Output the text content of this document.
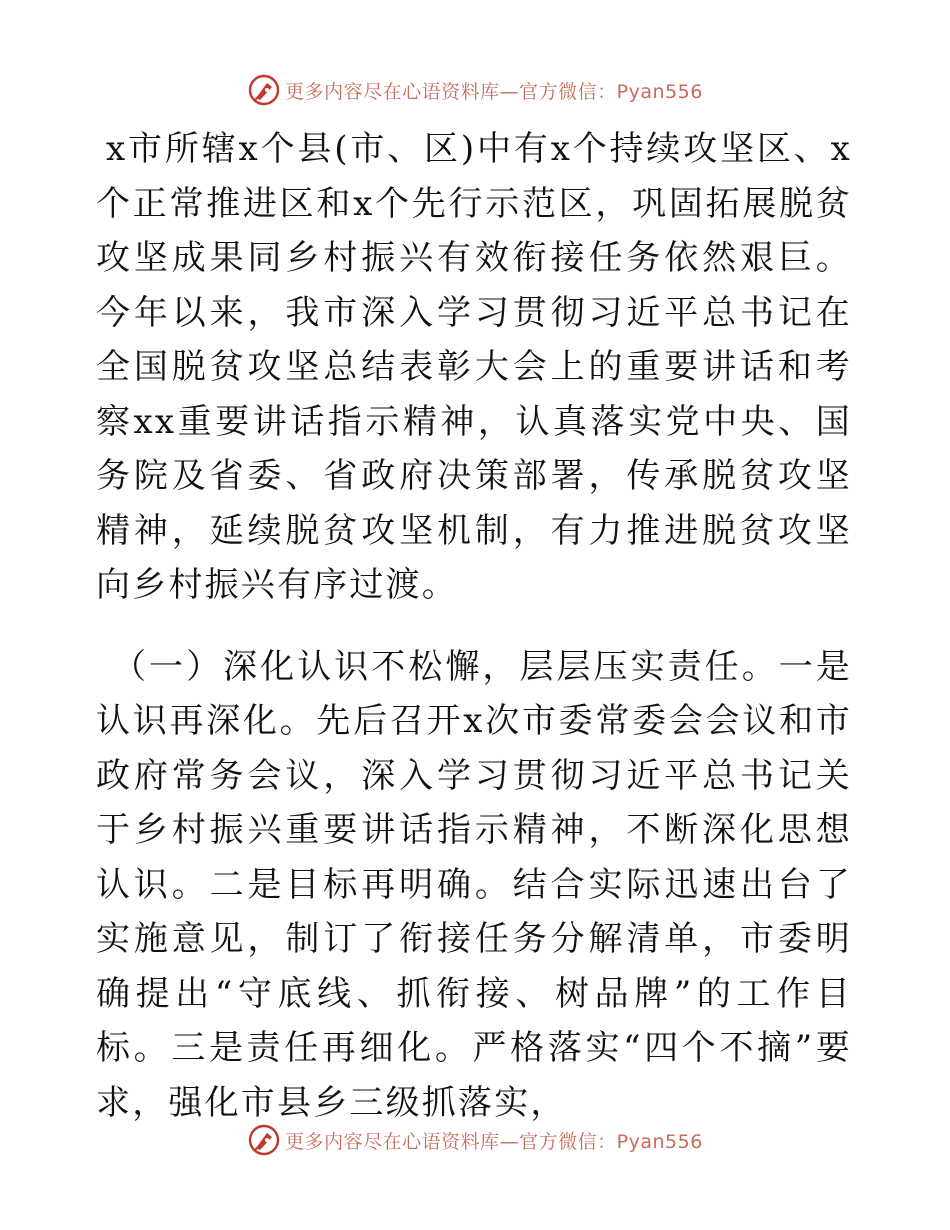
更多内容尽在心语资料库—官方微信：Pyan556

x市所辖x个县(市、区)中有x个持续攻坚区、x个正常推进区和x个先行示范区，巩固拓展脱贫攻坚成果同乡村振兴有效衔接任务依然艰巨。今年以来，我市深入学习贯彻习近平总书记在全国脱贫攻坚总结表彰大会上的重要讲话和考察xx重要讲话指示精神，认真落实党中央、国务院及省委、省政府决策部署，传承脱贫攻坚精神，延续脱贫攻坚机制，有力推进脱贫攻坚向乡村振兴有序过渡。

（一）深化认识不松懈，层层压实责任。一是认识再深化。先后召开x次市委常委会会议和市政府常务会议，深入学习贯彻习近平总书记关于乡村振兴重要讲话指示精神，不断深化思想认识。二是目标再明确。结合实际迅速出台了实施意见，制订了衔接任务分解清单，市委明确提出“守底线、抓衔接、树品牌”的工作目标。三是责任再细化。严格落实“四个不摘”要求，强化市县乡三级抓落实，

更多内容尽在心语资料库—官方微信：Pyan556
